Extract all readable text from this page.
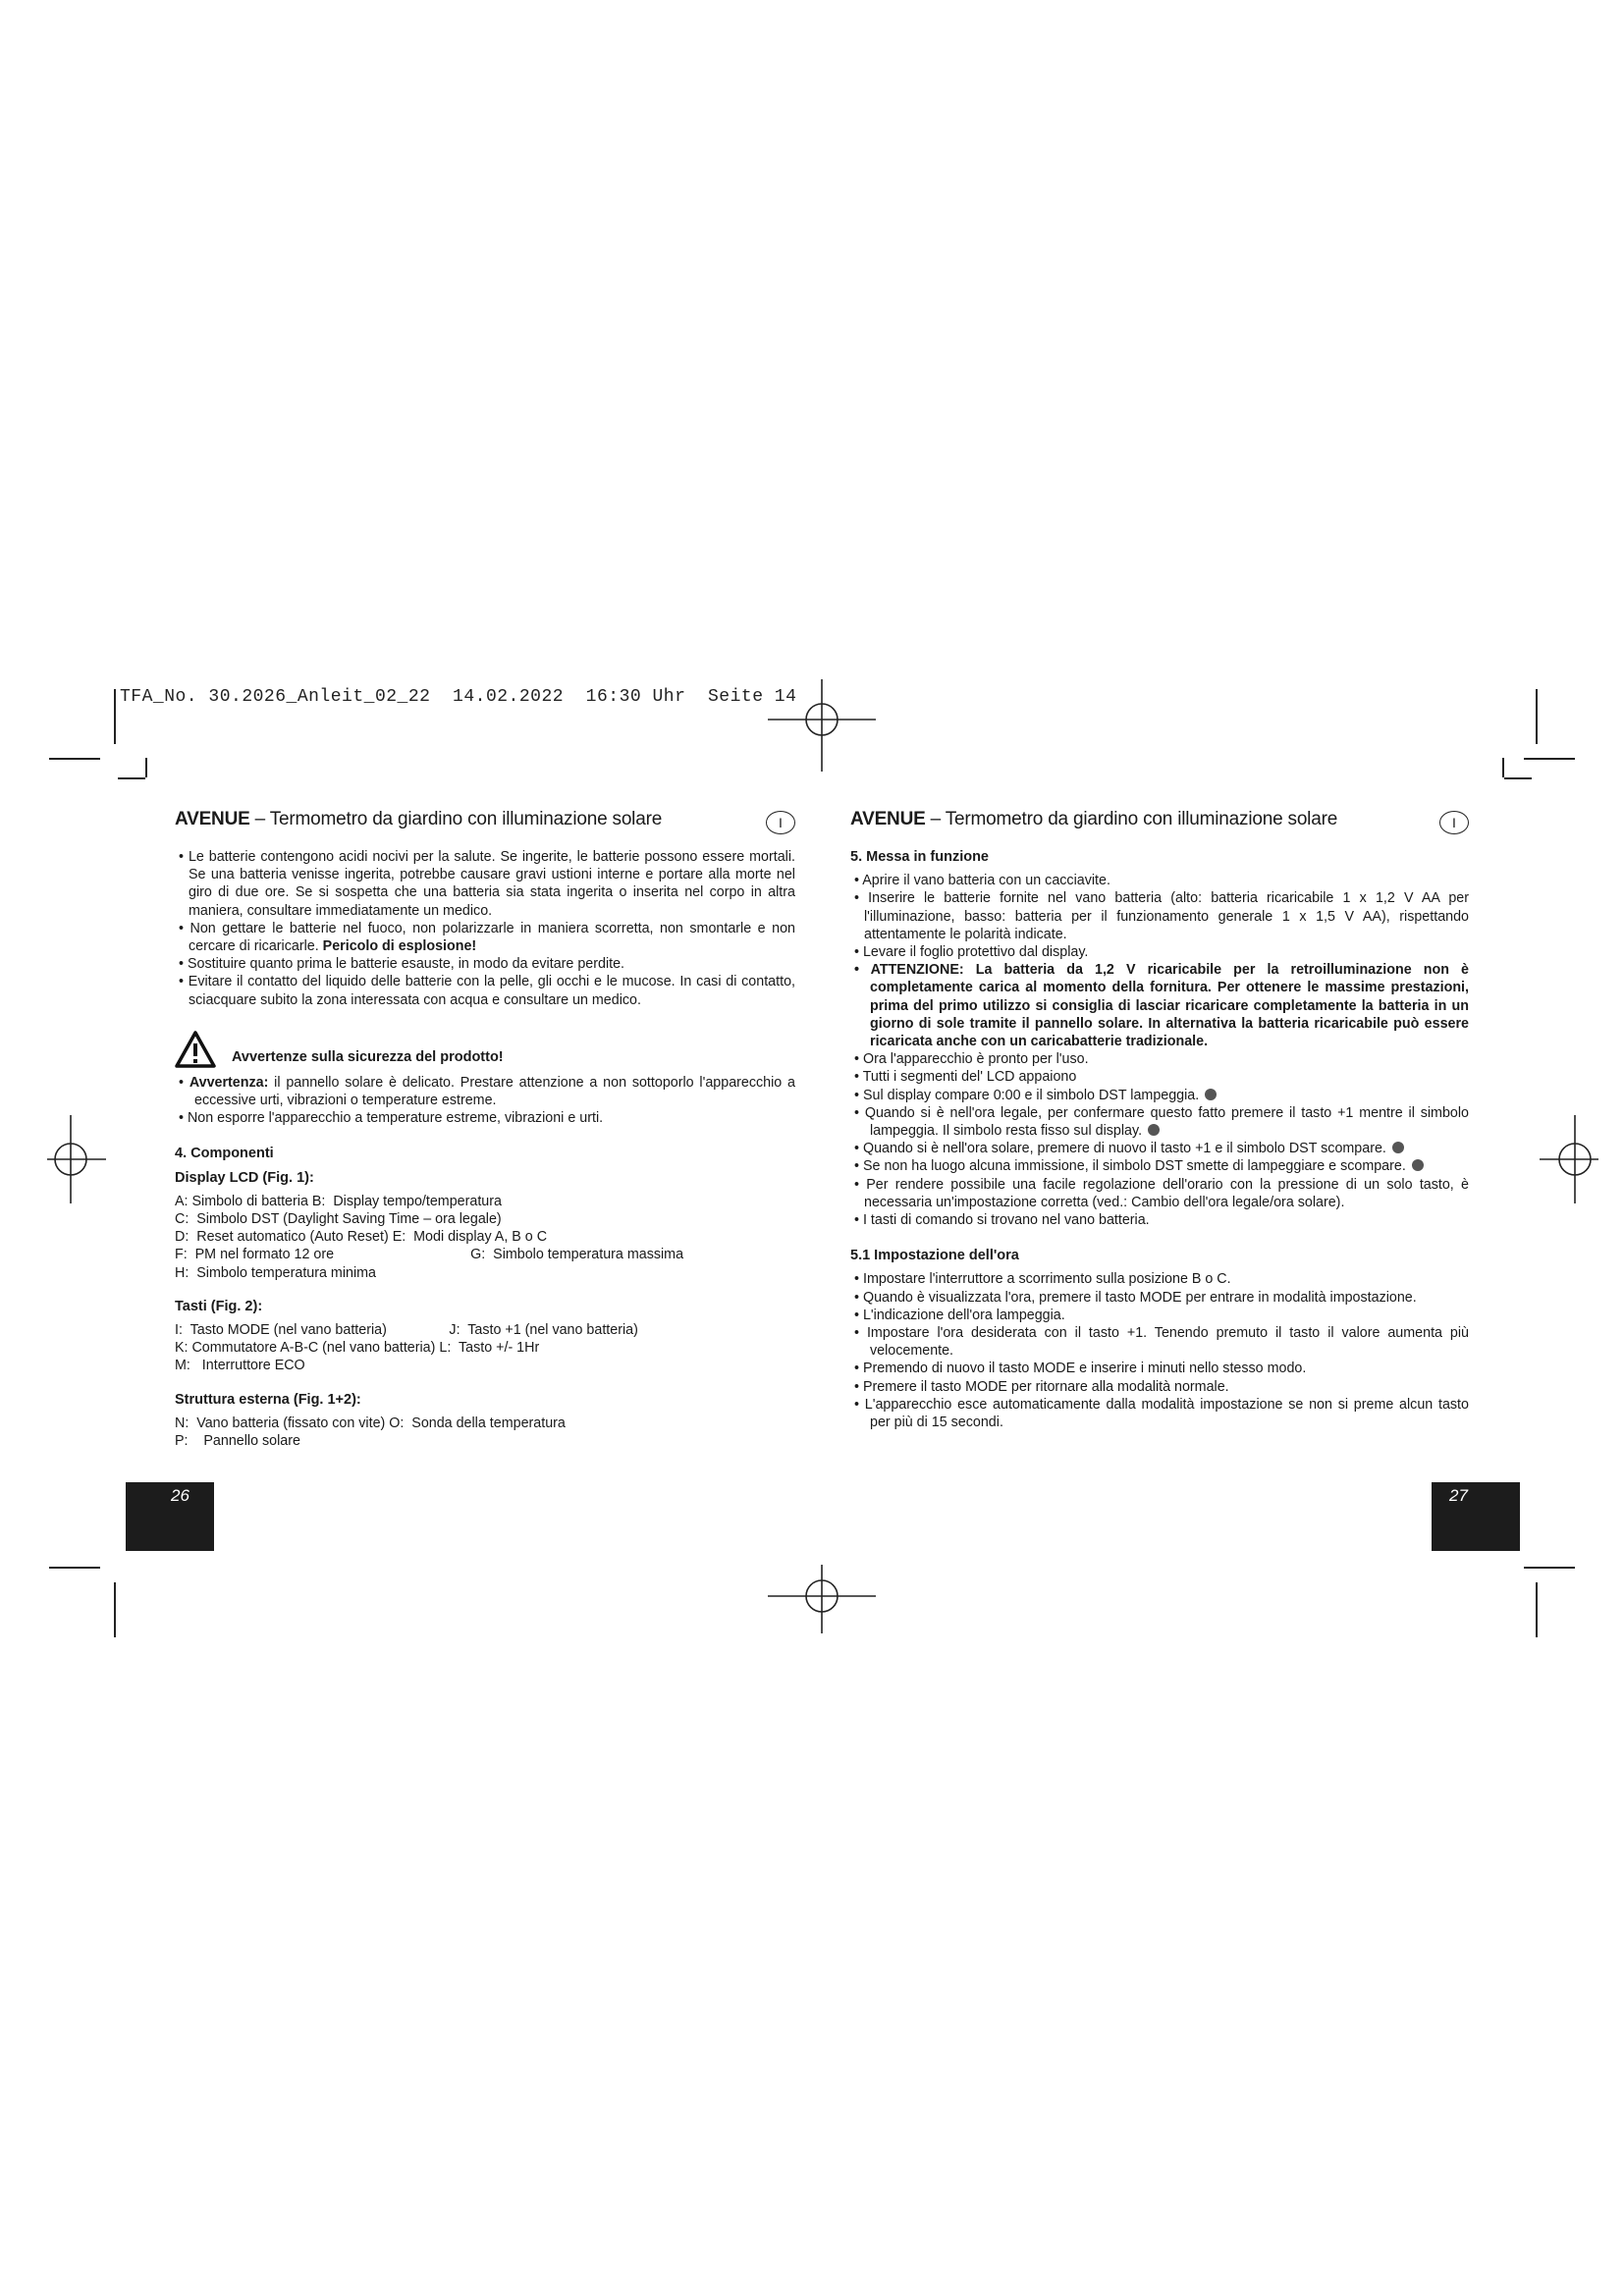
TFA_No. 30.2026_Anleit_02_22  14.02.2022  16:30 Uhr  Seite 14
AVENUE – Termometro da giardino con illuminazione solare	I

• Le batterie contengono acidi nocivi per la salute. Se ingerite, le batterie possono essere mortali. Se una batteria venisse ingerita, potrebbe causare gravi ustioni interne e portare alla morte nel giro di due ore. Se si sospetta che una batteria sia stata ingerita o inserita nel corpo in altra maniera, consultare immediatamente un medico.

• Non gettare le batterie nel fuoco, non polarizzarle in maniera scorretta, non smontarle e non cercare di ricaricarle. Pericolo di esplosione!

• Sostituire quanto prima le batterie esauste, in modo da evitare perdite.

• Evitare il contatto del liquido delle batterie con la pelle, gli occhi e le mucose. In casi di contatto, sciacquare subito la zona interessata con acqua e consultare un medico.

Avvertenze sulla sicurezza del prodotto!

• Avvertenza: il pannello solare è delicato. Prestare attenzione a non sottoporlo l'apparecchio a eccessive urti, vibrazioni o temperature estreme.

• Non esporre l'apparecchio a temperature estreme, vibrazioni e urti.

4. Componenti
Display LCD (Fig. 1):

A: Simbolo di batteria B:  Display tempo/temperatura

C:  Simbolo DST (Daylight Saving Time – ora legale)

D:  Reset automatico (Auto Reset) E:  Modi display A, B o C

F:  PM nel formato 12 ore                                   G:  Simbolo temperatura massima

H:  Simbolo temperatura minima

Tasti (Fig. 2):

I:  Tasto MODE (nel vano batteria)                J:  Tasto +1 (nel vano batteria)

K: Commutatore A-B-C (nel vano batteria) L:  Tasto +/- 1Hr

M:   Interruttore ECO

Struttura esterna (Fig. 1+2):

N:  Vano batteria (fissato con vite) O:  Sonda della temperatura

P:    Pannello solare

26
AVENUE – Termometro da giardino con illuminazione solare	I
5. Messa in funzione

• Aprire il vano batteria con un cacciavite.

• Inserire le batterie fornite nel vano batteria (alto: batteria ricaricabile 1 x 1,2 V AA per l'illuminazione, basso: batteria per il funzionamento generale 1 x 1,5 V AA), rispettando attentamente le polarità indicate.

• Levare il foglio protettivo dal display.

• ATTENZIONE: La batteria da 1,2 V ricaricabile per la retroilluminazione non è completamente carica al momento della fornitura. Per ottenere le massime prestazioni, prima del primo utilizzo si consiglia di lasciar ricaricare completamente la batteria in un giorno di sole tramite il pannello solare. In alternativa la batteria ricaricabile può essere ricaricata anche con un caricabatterie tradizionale.

• Ora l'apparecchio è pronto per l'uso.

• Tutti i segmenti del' LCD appaiono

• Sul display compare 0:00 e il simbolo DST lampeggia.

• Quando si è nell'ora legale, per confermare questo fatto premere il tasto +1 mentre il simbolo lampeggia. Il simbolo resta fisso sul display.

• Quando si è nell'ora solare, premere di nuovo il tasto +1 e il simbolo DST scompare.

• Se non ha luogo alcuna immissione, il simbolo DST smette di lampeggiare e scompare.

• Per rendere possibile una facile regolazione dell'orario con la pressione di un solo tasto, è necessaria un'impostazione corretta (ved.: Cambio dell'ora legale/ora solare).

• I tasti di comando si trovano nel vano batteria.

5.1 Impostazione dell'ora

• Impostare l'interruttore a scorrimento sulla posizione B o C.

• Quando è visualizzata l'ora, premere il tasto MODE per entrare in modalità impostazione.

• L'indicazione dell'ora lampeggia.

• Impostare l'ora desiderata con il tasto +1. Tenendo premuto il tasto il valore aumenta più velocemente.

• Premendo di nuovo il tasto MODE e inserire i minuti nello stesso modo.

• Premere il tasto MODE per ritornare alla modalità normale.

• L'apparecchio esce automaticamente dalla modalità impostazione se non si preme alcun tasto per più di 15 secondi.

27
